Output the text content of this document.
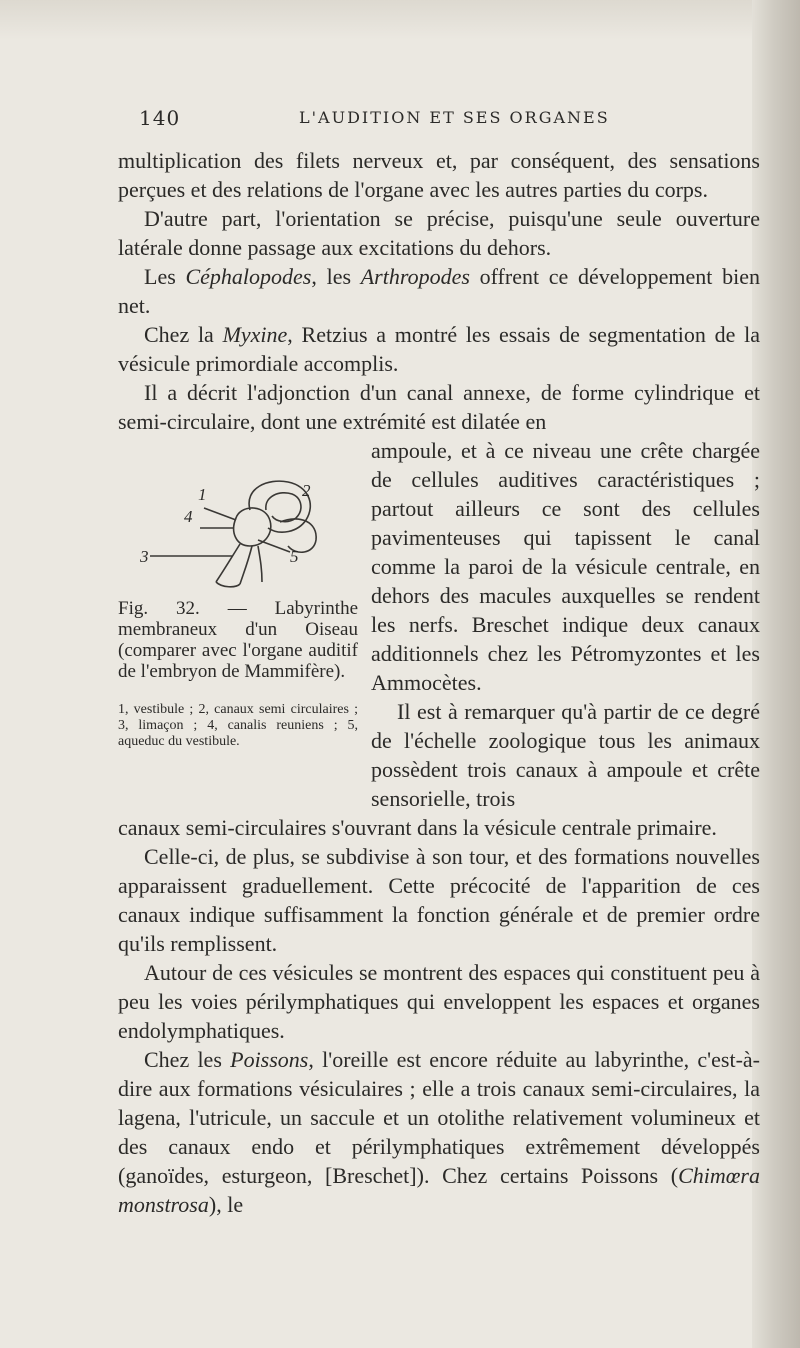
140	L'AUDITION ET SES ORGANES

multiplication des filets nerveux et, par conséquent, des sensations perçues et des relations de l'organe avec les autres parties du corps.

D'autre part, l'orientation se précise, puisqu'une seule ouverture latérale donne passage aux excitations du dehors.

Les Céphalopodes, les Arthropodes offrent ce développement bien net.

Chez la Myxine, Retzius a montré les essais de segmentation de la vésicule primordiale accomplis.

Il a décrit l'adjonction d'un canal annexe, de forme cylindrique et semi-circulaire, dont une extrémité est dilatée en

1	2
4
3	5

Fig. 32. — Labyrinthe membraneux d'un Oiseau (comparer avec l'organe auditif de l'embryon de Mammifère).

1, vestibule ; 2, canaux semi circulaires ; 3, limaçon ; 4, canalis reuniens ; 5, aqueduc du vestibule.

ampoule, et à ce niveau une crête chargée de cellules auditives caractéristiques ; partout ailleurs ce sont des cellules pavimenteuses qui tapissent le canal comme la paroi de la vésicule centrale, en dehors des macules auxquelles se rendent les nerfs. Breschet indique deux canaux additionnels chez les Pétromyzontes et les Ammocètes.

Il est à remarquer qu'à partir de ce degré de l'échelle zoologique tous les animaux possèdent trois canaux à ampoule et crête sensorielle, trois

canaux semi-circulaires s'ouvrant dans la vésicule centrale primaire.

Celle-ci, de plus, se subdivise à son tour, et des formations nouvelles apparaissent graduellement. Cette précocité de l'apparition de ces canaux indique suffisamment la fonction générale et de premier ordre qu'ils remplissent.

Autour de ces vésicules se montrent des espaces qui constituent peu à peu les voies périlymphatiques qui enveloppent les espaces et organes endolymphatiques.

Chez les Poissons, l'oreille est encore réduite au labyrinthe, c'est-à-dire aux formations vésiculaires ; elle a trois canaux semi-circulaires, la lagena, l'utricule, un saccule et un otolithe relativement volumineux et des canaux endo et périlymphatiques extrêmement développés (ganoïdes, esturgeon, [Breschet]). Chez certains Poissons (Chimœra monstrosa), le
